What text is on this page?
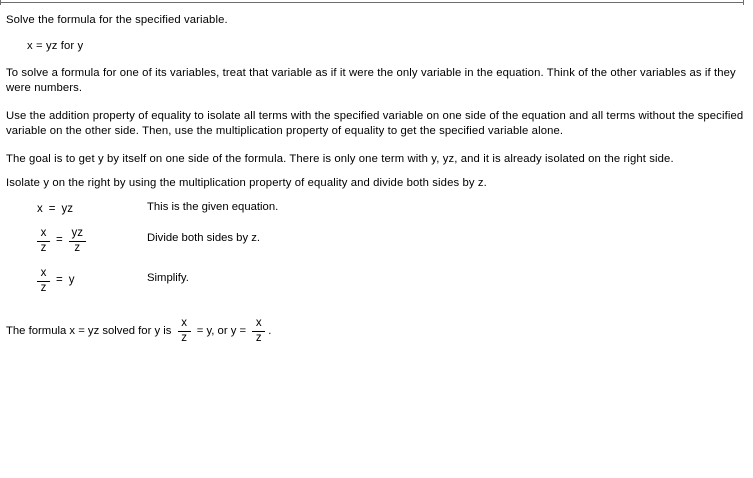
Solve the formula for the specified variable.
x = yz for y
To solve a formula for one of its variables, treat that variable as if it were the only variable in the equation. Think of the other variables as if they were numbers.
Use the addition property of equality to isolate all terms with the specified variable on one side of the equation and all terms without the specified variable on the other side. Then, use the multiplication property of equality to get the specified variable alone.
The goal is to get y by itself on one side of the formula. There is only one term with y, yz, and it is already isolated on the right side.
Isolate y on the right by using the multiplication property of equality and divide both sides by z.
x = yz	This is the given equation.
$\frac{x}{z} = \frac{yz}{z}$	Divide both sides by z.
$\frac{x}{z} = y$	Simplify.
The formula x = yz solved for y is $\frac{x}{z} = y$, or $y = \frac{x}{z}$ .
